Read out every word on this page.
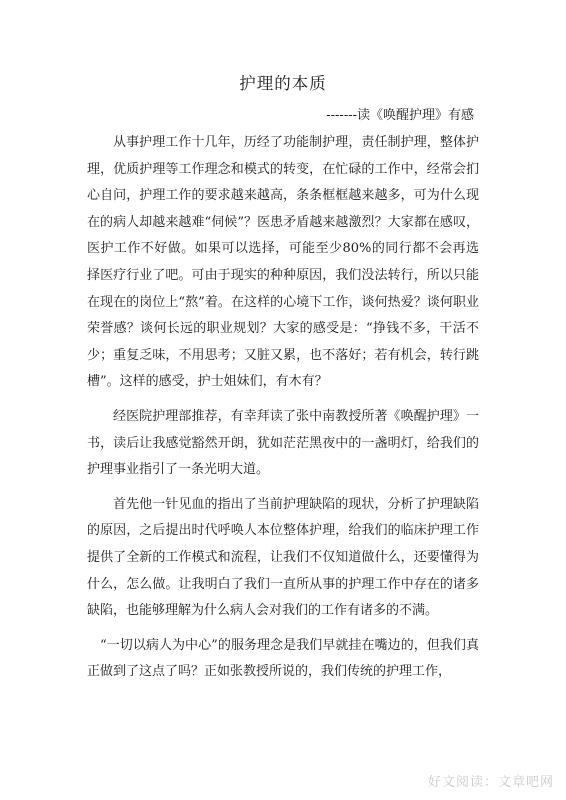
护理的本质
-------读《唤醒护理》有感

从事护理工作十几年，历经了功能制护理，责任制护理，整体护理，优质护理等工作理念和模式的转变，在忙碌的工作中，经常会扪心自问，护理工作的要求越来越高，条条框框越来越多，可为什么现在的病人却越来越难“伺候”？医患矛盾越来越激烈？大家都在感叹，医护工作不好做。如果可以选择，可能至少80%的同行都不会再选择医疗行业了吧。可由于现实的种种原因，我们没法转行，所以只能在现在的岗位上“熬”着。在这样的心境下工作，谈何热爱？谈何职业荣誉感？谈何长远的职业规划？大家的感受是：“挣钱不多，干活不少；重复乏味，不用思考；又脏又累，也不落好；若有机会，转行跳槽”。这样的感受，护士姐妹们，有木有？

经医院护理部推荐，有幸拜读了张中南教授所著《唤醒护理》一书，读后让我感觉豁然开朗，犹如茫茫黑夜中的一盏明灯，给我们的护理事业指引了一条光明大道。

首先他一针见血的指出了当前护理缺陷的现状，分析了护理缺陷的原因，之后提出时代呼唤人本位整体护理，给我们的临床护理工作提供了全新的工作模式和流程，让我们不仅知道做什么，还要懂得为什么，怎么做。让我明白了我们一直所从事的护理工作中存在的诸多缺陷，也能够理解为什么病人会对我们的工作有诸多的不满。

“一切以病人为中心”的服务理念是我们早就挂在嘴边的，但我们真正做到了这点了吗？正如张教授所说的，我们传统的护理工作，

好文阅读：文章吧网
